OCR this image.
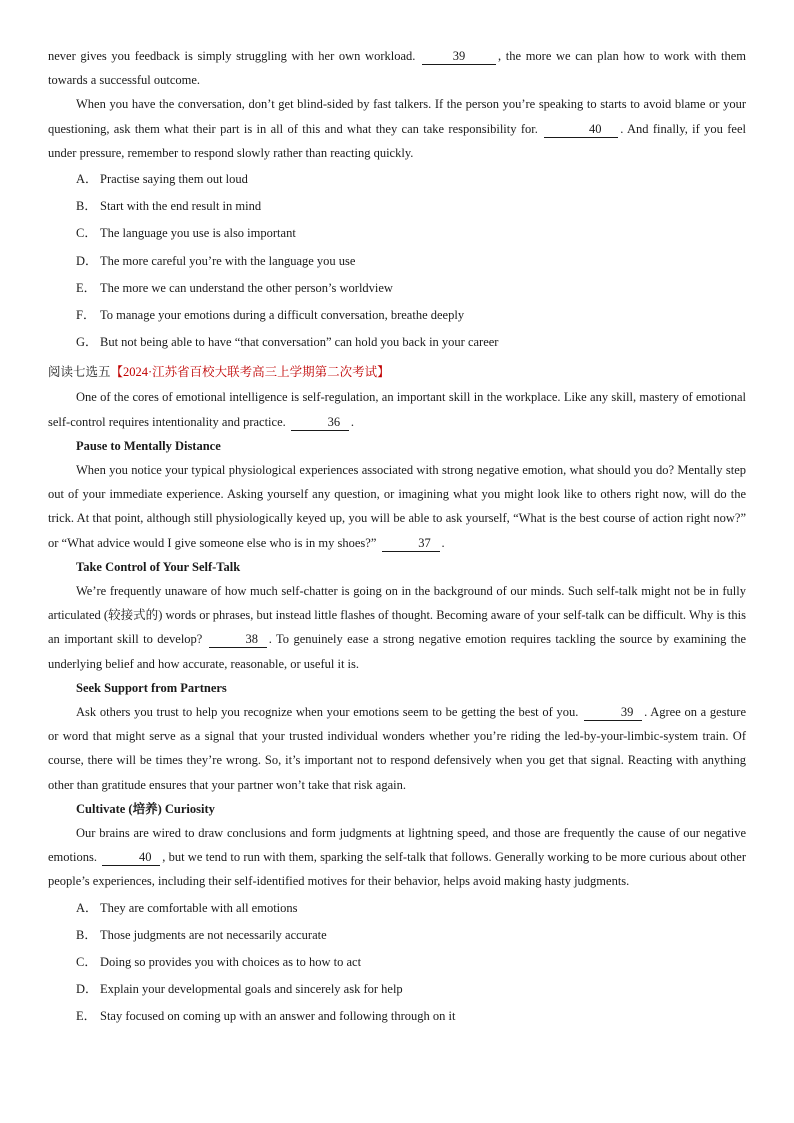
never gives you feedback is simply struggling with her own workload.	39	, the more we can plan how to work with them towards a successful outcome.

When you have the conversation, don’t get blind-sided by fast talkers. If the person you’re speaking to starts to avoid blame or your questioning, ask them what their part is in all of this and what they can take responsibility for.	40 . And finally, if you feel under pressure, remember to respond slowly rather than reacting quickly.

A． Practise saying them out loud
B． Start with the end result in mind
C． The language you use is also important
D． The more careful you’re with the language you use
E． The more we can understand the other person’s worldview
F． To manage your emotions during a difficult conversation, breathe deeply
G． But not being able to have “that conversation” can hold you back in your career
阅读七选五【2024·江苏省百校大联考高三上学期第二次考试】

One of the cores of emotional intelligence is self-regulation, an important skill in the workplace. Like any skill, mastery of emotional self-control requires intentionality and practice.	36 .

Pause to Mentally Distance

When you notice your typical physiological experiences associated with strong negative emotion, what should you do? Mentally step out of your immediate experience. Asking yourself any question, or imagining what you might look like to others right now, will do the trick. At that point, although still physiologically keyed up, you will be able to ask yourself, “What is the best course of action right now?” or “What advice would I give someone else who is in my shoes?”	37 .

Take Control of Your Self-Talk

We’re frequently unaware of how much self-chatter is going on in the background of our minds. Such self-talk might not be in fully articulated (较接式的) words or phrases, but instead little flashes of thought. Becoming aware of your self-talk can be difficult. Why is this an important skill to develop?	38 . To genuinely ease a strong negative emotion requires tackling the source by examining the underlying belief and how accurate, reasonable, or useful it is.

Seek Support from Partners

Ask others you trust to help you recognize when your emotions seem to be getting the best of you.	39 . Agree on a gesture or word that might serve as a signal that your trusted individual wonders whether you’re riding the led-by-your-limbic-system train. Of course, there will be times they’re wrong. So, it’s important not to respond defensively when you get that signal. Reacting with anything other than gratitude ensures that your partner won’t take that risk again.

Cultivate (培养) Curiosity

Our brains are wired to draw conclusions and form judgments at lightning speed, and those are frequently the cause of our negative emotions.	40 , but we tend to run with them, sparking the self-talk that follows. Generally working to be more curious about other people’s experiences, including their self-identified motives for their behavior, helps avoid making hasty judgments.

A． They are comfortable with all emotions
B． Those judgments are not necessarily accurate
C． Doing so provides you with choices as to how to act
D． Explain your developmental goals and sincerely ask for help
E． Stay focused on coming up with an answer and following through on it
